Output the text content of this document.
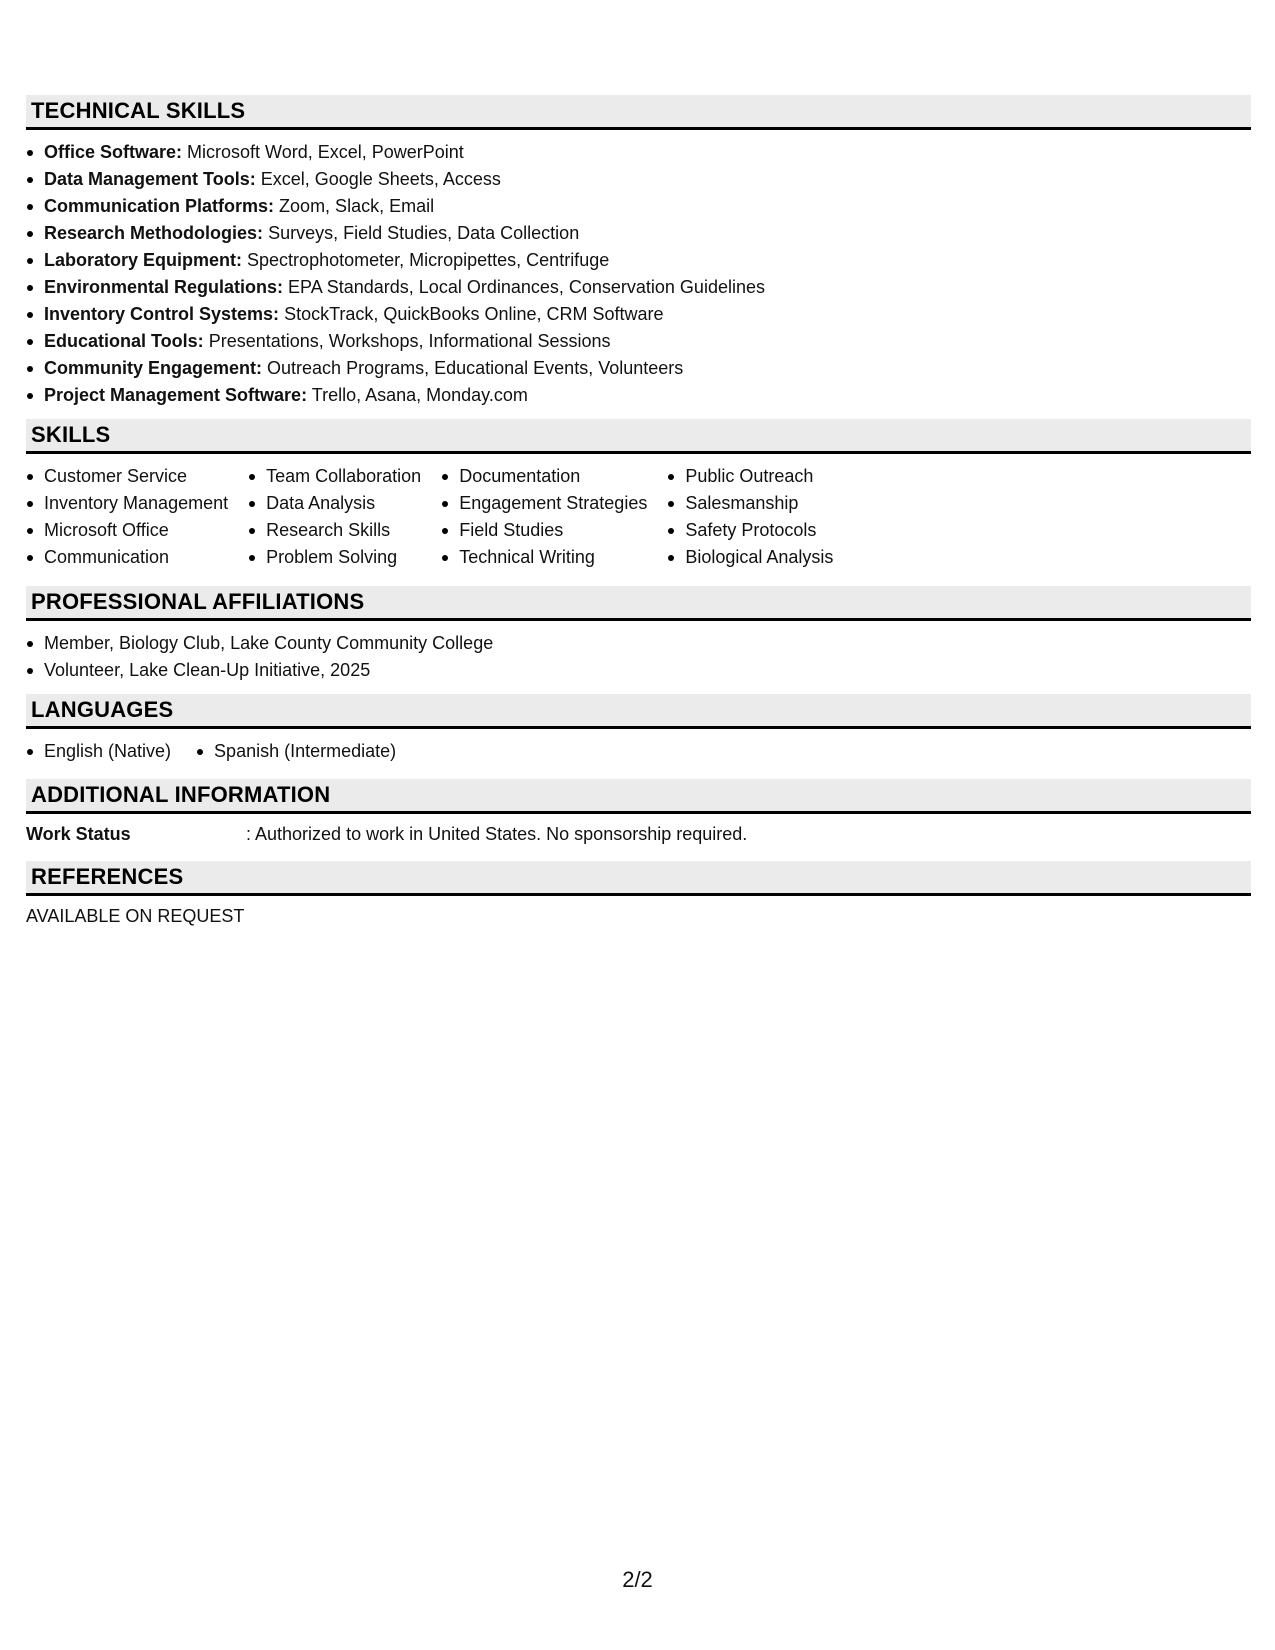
TECHNICAL SKILLS
Office Software: Microsoft Word, Excel, PowerPoint
Data Management Tools: Excel, Google Sheets, Access
Communication Platforms: Zoom, Slack, Email
Research Methodologies: Surveys, Field Studies, Data Collection
Laboratory Equipment: Spectrophotometer, Micropipettes, Centrifuge
Environmental Regulations: EPA Standards, Local Ordinances, Conservation Guidelines
Inventory Control Systems: StockTrack, QuickBooks Online, CRM Software
Educational Tools: Presentations, Workshops, Informational Sessions
Community Engagement: Outreach Programs, Educational Events, Volunteers
Project Management Software: Trello, Asana, Monday.com
SKILLS
Customer Service
Inventory Management
Microsoft Office
Communication
Team Collaboration
Data Analysis
Research Skills
Problem Solving
Documentation
Engagement Strategies
Field Studies
Technical Writing
Public Outreach
Salesmanship
Safety Protocols
Biological Analysis
PROFESSIONAL AFFILIATIONS
Member, Biology Club, Lake County Community College
Volunteer, Lake Clean-Up Initiative, 2025
LANGUAGES
English (Native)	Spanish (Intermediate)
ADDITIONAL INFORMATION
Work Status	: Authorized to work in United States. No sponsorship required.
REFERENCES
AVAILABLE ON REQUEST
2/2
